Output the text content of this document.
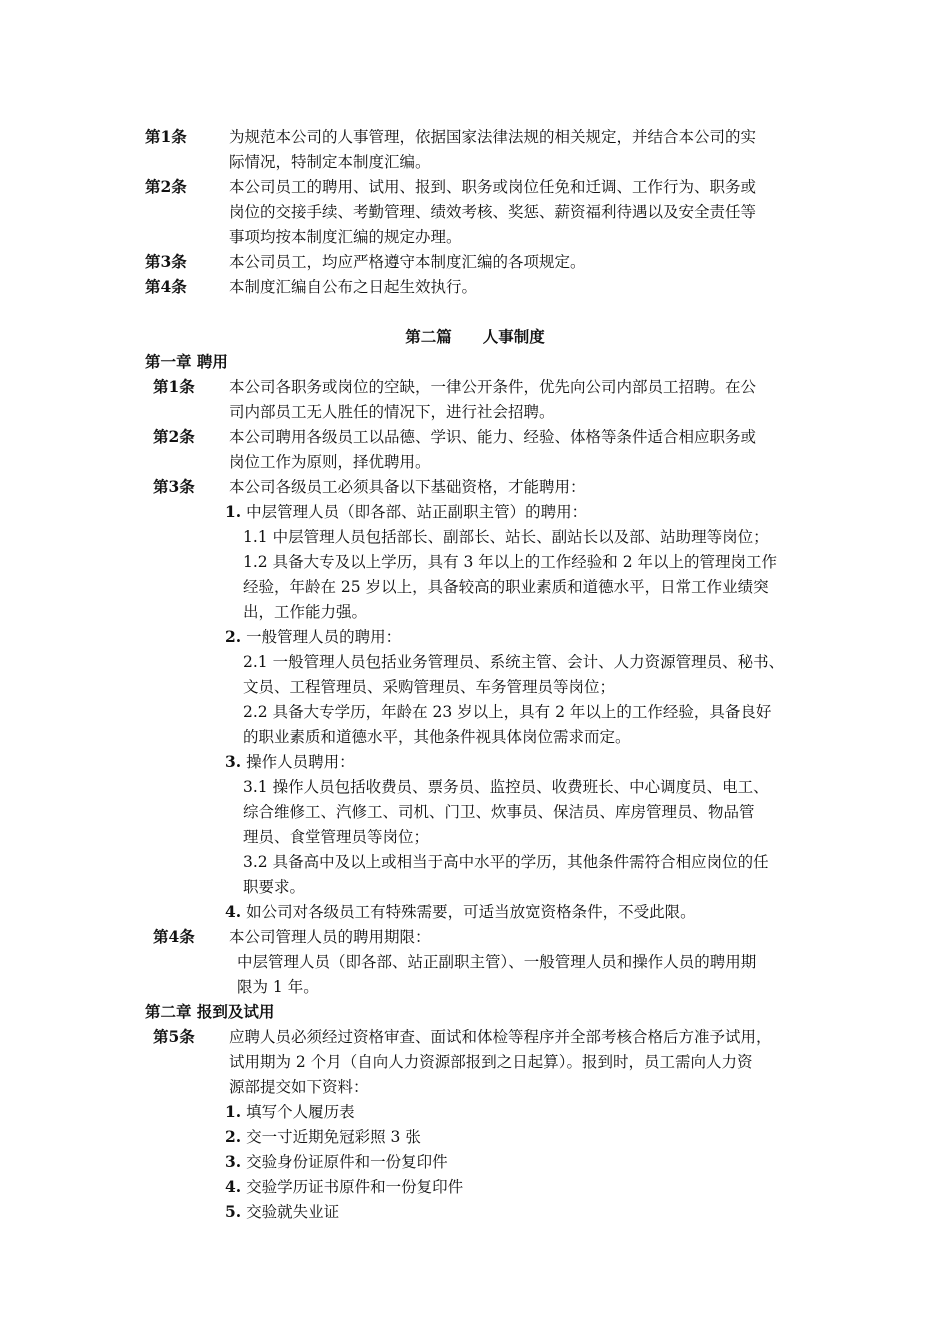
第1条	为规范本公司的人事管理，依据国家法律法规的相关规定，并结合本公司的实
际情况，特制定本制度汇编。
第2条	本公司员工的聘用、试用、报到、职务或岗位任免和迁调、工作行为、职务或
岗位的交接手续、考勤管理、绩效考核、奖惩、薪资福利待遇以及安全责任等
事项均按本制度汇编的规定办理。
第3条	本公司员工，均应严格遵守本制度汇编的各项规定。
第4条	本制度汇编自公布之日起生效执行。
第二篇　　人事制度
第一章 聘用
第1条 本公司各职务或岗位的空缺，一律公开条件，优先向公司内部员工招聘。在公
司内部员工无人胜任的情况下，进行社会招聘。
第2条 本公司聘用各级员工以品德、学识、能力、经验、体格等条件适合相应职务或
岗位工作为原则，择优聘用。
第3条 本公司各级员工必须具备以下基础资格，才能聘用：
1. 中层管理人员（即各部、站正副职主管）的聘用：
1.1 中层管理人员包括部长、副部长、站长、副站长以及部、站助理等岗位；
1.2 具备大专及以上学历，具有 3 年以上的工作经验和 2 年以上的管理岗工作
经验，年龄在 25 岁以上，具备较高的职业素质和道德水平，日常工作业绩突
出，工作能力强。
2. 一般管理人员的聘用：
2.1 一般管理人员包括业务管理员、系统主管、会计、人力资源管理员、秘书、
文员、工程管理员、采购管理员、车务管理员等岗位；
2.2 具备大专学历，年龄在 23 岁以上，具有 2 年以上的工作经验，具备良好
的职业素质和道德水平，其他条件视具体岗位需求而定。
3. 操作人员聘用：
3.1 操作人员包括收费员、票务员、监控员、收费班长、中心调度员、电工、
综合维修工、汽修工、司机、门卫、炊事员、保洁员、库房管理员、物品管
理员、食堂管理员等岗位；
3.2 具备高中及以上或相当于高中水平的学历，其他条件需符合相应岗位的任
职要求。
4. 如公司对各级员工有特殊需要，可适当放宽资格条件，不受此限。
第4条 本公司管理人员的聘用期限：
中层管理人员（即各部、站正副职主管）、一般管理人员和操作人员的聘用期
限为 1 年。
第二章 报到及试用
第5条 应聘人员必须经过资格审查、面试和体检等程序并全部考核合格后方准予试用，
试用期为 2 个月（自向人力资源部报到之日起算）。报到时，员工需向人力资
源部提交如下资料：
1. 填写个人履历表
2. 交一寸近期免冠彩照 3 张
3. 交验身份证原件和一份复印件
4. 交验学历证书原件和一份复印件
5. 交验就失业证
